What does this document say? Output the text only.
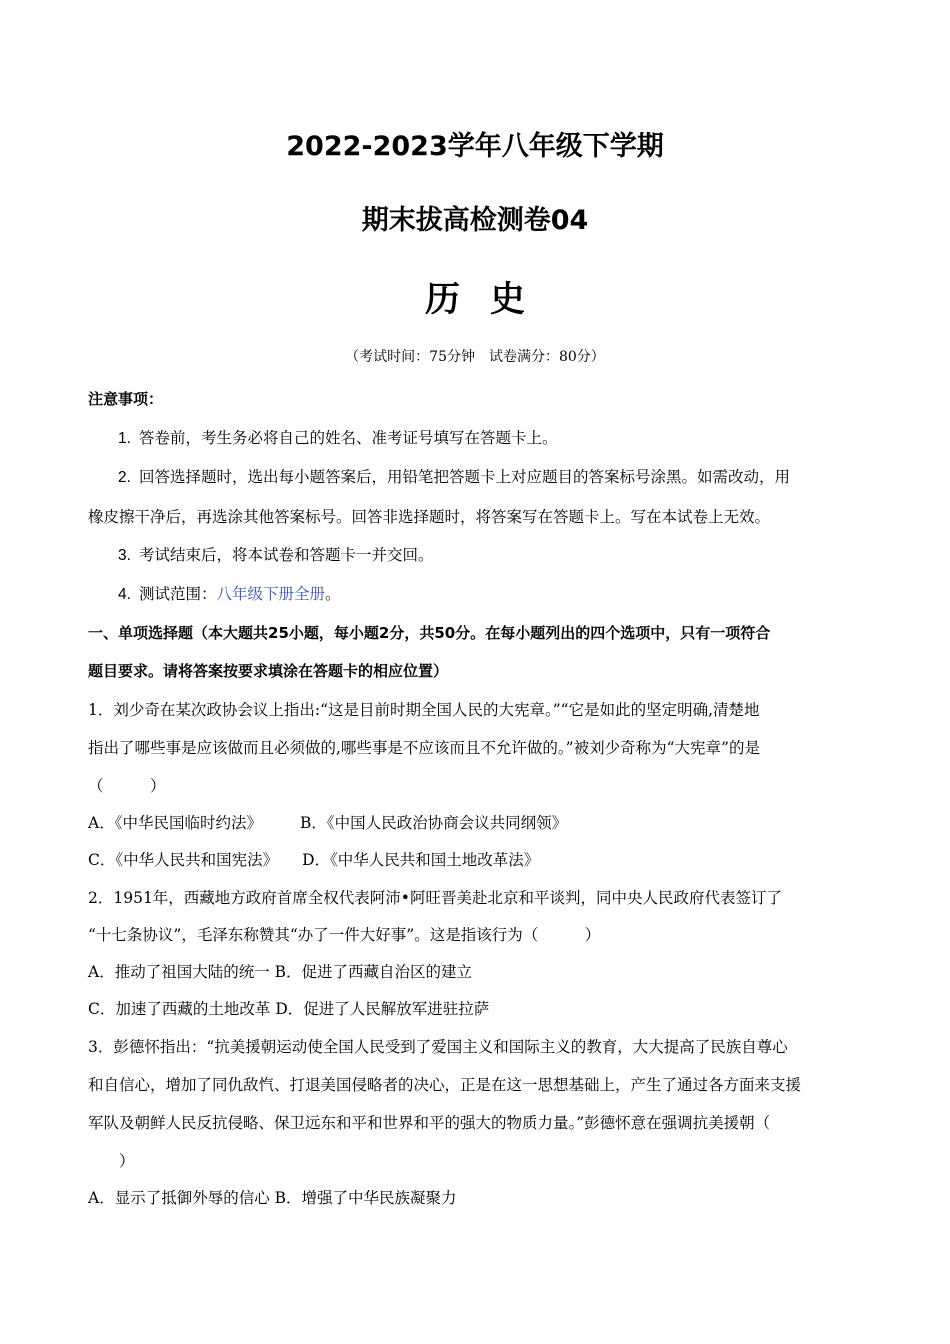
2022-2023学年八年级下学期
期末拔高检测卷04
历史
（考试时间：75分钟　试卷满分：80分）
注意事项：
1. 答卷前，考生务必将自己的姓名、准考证号填写在答题卡上。
2. 回答选择题时，选出每小题答案后，用铅笔把答题卡上对应题目的答案标号涂黑。如需改动，用
橡皮擦干净后，再选涂其他答案标号。回答非选择题时，将答案写在答题卡上。写在本试卷上无效。
3. 考试结束后，将本试卷和答题卡一并交回。
4. 测试范围：八年级下册全册。
一、单项选择题（本大题共25小题，每小题2分，共50分。在每小题列出的四个选项中，只有一项符合
题目要求。请将答案按要求填涂在答题卡的相应位置）
1．刘少奇在某次政协会议上指出:“这是目前时期全国人民的大宪章。”“它是如此的坚定明确,清楚地
指出了哪些事是应该做而且必须做的,哪些事是不应该而且不允许做的。”被刘少奇称为“大宪章”的是
（　　　）
A．《中华民国临时约法》 B．《中国人民政治协商会议共同纲领》
C．《中华人民共和国宪法》 D．《中华人民共和国土地改革法》
2．1951年，西藏地方政府首席全权代表阿沛•阿旺晋美赴北京和平谈判，同中央人民政府代表签订了
“十七条协议”，毛泽东称赞其“办了一件大好事”。这是指该行为（　　　）
A．推动了祖国大陆的统一 B．促进了西藏自治区的建立
C．加速了西藏的土地改革 D．促进了人民解放军进驻拉萨
3．彭德怀指出：“抗美援朝运动使全国人民受到了爱国主义和国际主义的教育，大大提高了民族自尊心
和自信心，增加了同仇敌忾、打退美国侵略者的决心，正是在这一思想基础上，产生了通过各方面来支援
军队及朝鲜人民反抗侵略、保卫远东和平和世界和平的强大的物质力量。”彭德怀意在强调抗美援朝（
　　）
A．显示了抵御外辱的信心 B．增强了中华民族凝聚力
